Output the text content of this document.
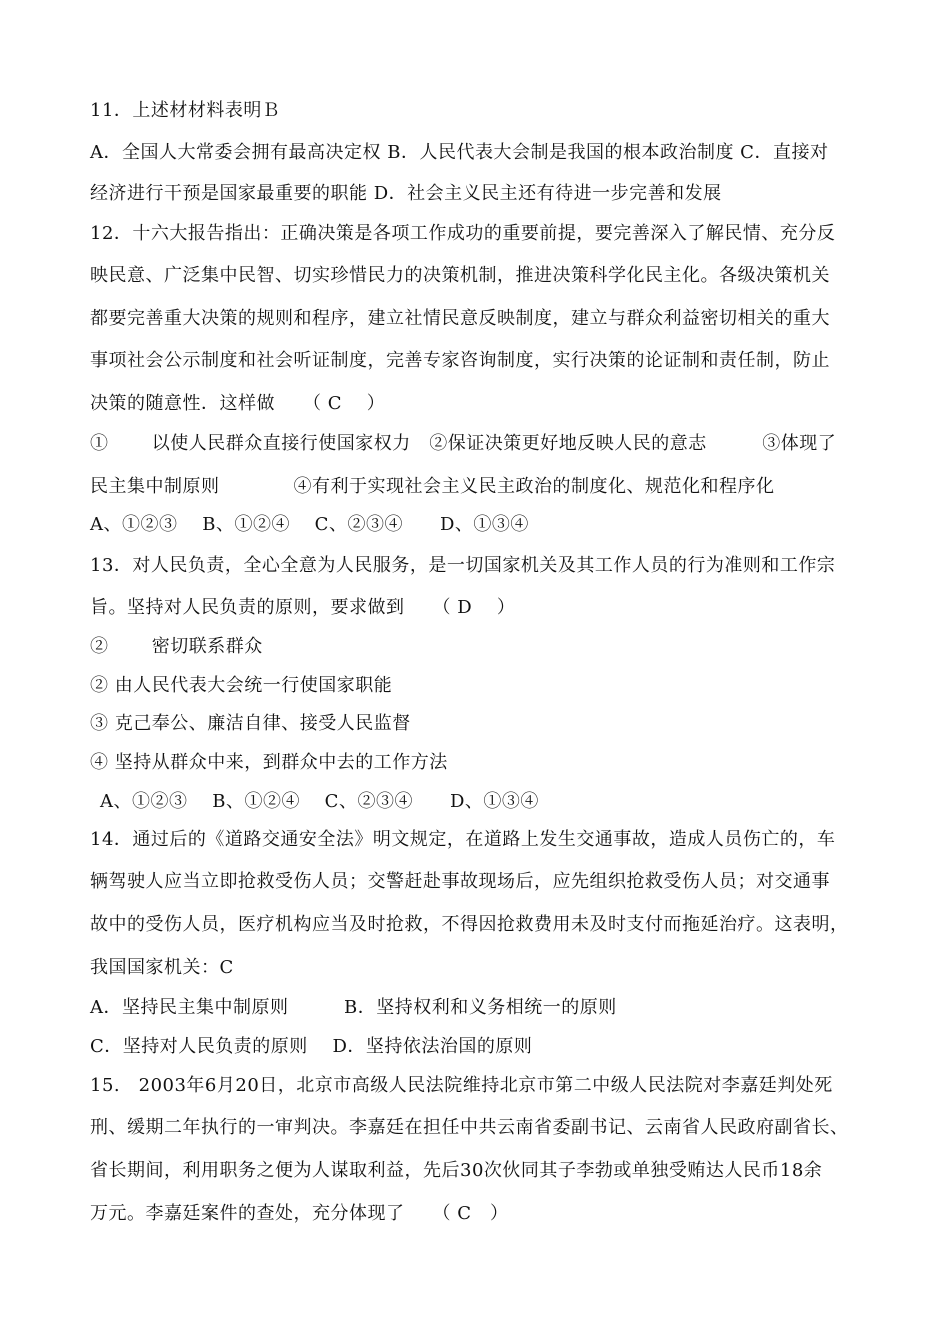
11．上述材材料表明Ｂ
A．全国人大常委会拥有最高决定权 B．人民代表大会制是我国的根本政治制度 C．直接对
经济进行干预是国家最重要的职能 D．社会主义民主还有待进一步完善和发展
12．十六大报告指出：正确决策是各项工作成功的重要前提，要完善深入了解民情、充分反
映民意、广泛集中民智、切实珍惜民力的决策机制，推进决策科学化民主化。各级决策机关
都要完善重大决策的规则和程序，建立社情民意反映制度，建立与群众利益密切相关的重大
事项社会公示制度和社会听证制度，完善专家咨询制度，实行决策的论证制和责任制，防止
决策的随意性．这样做　　（ C　 ）
①　　 以使人民群众直接行使国家权力　②保证决策更好地反映人民的意志　　　③体现了
民主集中制原则　　　　④有利于实现社会主义民主政治的制度化、规范化和程序化
A、①②③　 B、①②④　 C、②③④　　D、①③④
13．对人民负责，全心全意为人民服务，是一切国家机关及其工作人员的行为准则和工作宗
旨。坚持对人民负责的原则，要求做到　　（ D　 ）
②　　 密切联系群众
② 由人民代表大会统一行使国家职能
③ 克己奉公、廉洁自律、接受人民监督
④ 坚持从群众中来，到群众中去的工作方法
A、①②③　 B、①②④　 C、②③④　　D、①③④
14．通过后的《道路交通安全法》明文规定，在道路上发生交通事故，造成人员伤亡的，车
辆驾驶人应当立即抢救受伤人员；交警赶赴事故现场后，应先组织抢救受伤人员；对交通事
故中的受伤人员，医疗机构应当及时抢救，不得因抢救费用未及时支付而拖延治疗。这表明，
我国国家机关：C
A．坚持民主集中制原则　　　B．坚持权利和义务相统一的原则
C．坚持对人民负责的原则　 D．坚持依法治国的原则
15.　2003年6月20日，北京市高级人民法院维持北京市第二中级人民法院对李嘉廷判处死
刑、缓期二年执行的一审判决。李嘉廷在担任中共云南省委副书记、云南省人民政府副省长、
省长期间，利用职务之便为人谋取利益，先后30次伙同其子李勃或单独受贿达人民币18余
万元。李嘉廷案件的查处，充分体现了　　（ C　）
